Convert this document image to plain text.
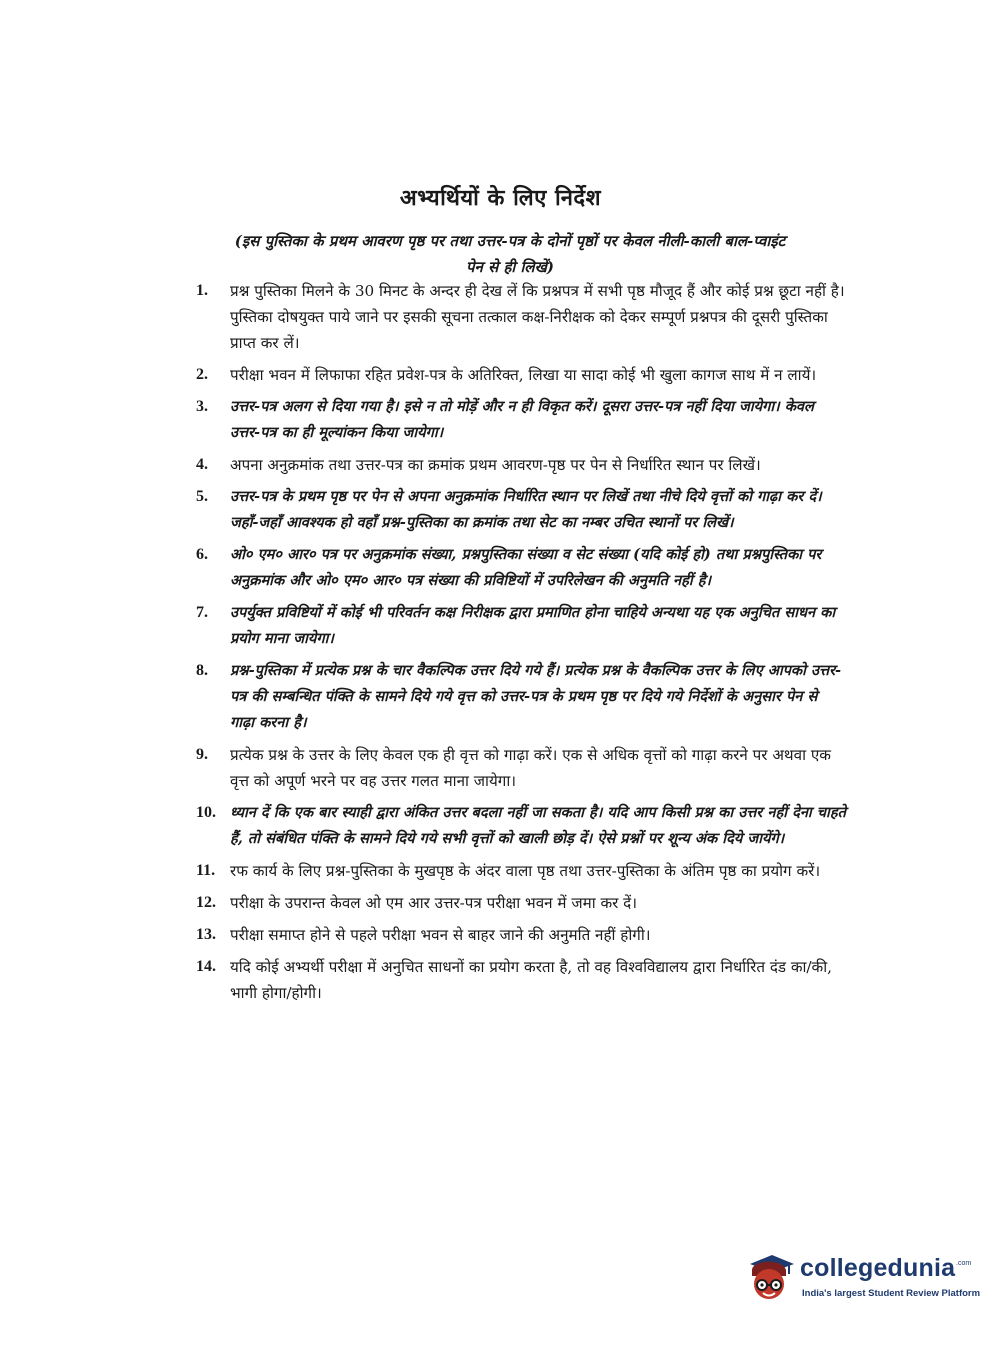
अभ्यर्थियों के लिए निर्देश
(इस पुस्तिका के प्रथम आवरण पृष्ठ पर तथा उत्तर-पत्र के दोनों पृष्ठों पर केवल नीली-काली बाल-प्वाइंट पेन से ही लिखें)
1. प्रश्न पुस्तिका मिलने के 30 मिनट के अन्दर ही देख लें कि प्रश्नपत्र में सभी पृष्ठ मौजूद हैं और कोई प्रश्न छूटा नहीं है। पुस्तिका दोषयुक्त पाये जाने पर इसकी सूचना तत्काल कक्ष-निरीक्षक को देकर सम्पूर्ण प्रश्नपत्र की दूसरी पुस्तिका प्राप्त कर लें।
2. परीक्षा भवन में लिफाफा रहित प्रवेश-पत्र के अतिरिक्त, लिखा या सादा कोई भी खुला कागज साथ में न लायें।
3. उत्तर-पत्र अलग से दिया गया है। इसे न तो मोड़ें और न ही विकृत करें। दूसरा उत्तर-पत्र नहीं दिया जायेगा। केवल उत्तर-पत्र का ही मूल्यांकन किया जायेगा।
4. अपना अनुक्रमांक तथा उत्तर-पत्र का क्रमांक प्रथम आवरण-पृष्ठ पर पेन से निर्धारित स्थान पर लिखें।
5. उत्तर-पत्र के प्रथम पृष्ठ पर पेन से अपना अनुक्रमांक निर्धारित स्थान पर लिखें तथा नीचे दिये वृत्तों को गाढ़ा कर दें। जहाँ-जहाँ आवश्यक हो वहाँ प्रश्न-पुस्तिका का क्रमांक तथा सेट का नम्बर उचित स्थानों पर लिखें।
6. ओ० एम० आर० पत्र पर अनुक्रमांक संख्या, प्रश्नपुस्तिका संख्या व सेट संख्या (यदि कोई हो) तथा प्रश्नपुस्तिका पर अनुक्रमांक और ओ० एम० आर० पत्र संख्या की प्रविष्टियों में उपरिलेखन की अनुमति नहीं है।
7. उपर्युक्त प्रविष्टियों में कोई भी परिवर्तन कक्ष निरीक्षक द्वारा प्रमाणित होना चाहिये अन्यथा यह एक अनुचित साधन का प्रयोग माना जायेगा।
8. प्रश्न-पुस्तिका में प्रत्येक प्रश्न के चार वैकल्पिक उत्तर दिये गये हैं। प्रत्येक प्रश्न के वैकल्पिक उत्तर के लिए आपको उत्तर-पत्र की सम्बन्धित पंक्ति के सामने दिये गये वृत्त को उत्तर-पत्र के प्रथम पृष्ठ पर दिये गये निर्देशों के अनुसार पेन से गाढ़ा करना है।
9. प्रत्येक प्रश्न के उत्तर के लिए केवल एक ही वृत्त को गाढ़ा करें। एक से अधिक वृत्तों को गाढ़ा करने पर अथवा एक वृत्त को अपूर्ण भरने पर वह उत्तर गलत माना जायेगा।
10. ध्यान दें कि एक बार स्याही द्वारा अंकित उत्तर बदला नहीं जा सकता है। यदि आप किसी प्रश्न का उत्तर नहीं देना चाहते हैं, तो संबंधित पंक्ति के सामने दिये गये सभी वृत्तों को खाली छोड़ दें। ऐसे प्रश्नों पर शून्य अंक दिये जायेंगे।
11. रफ कार्य के लिए प्रश्न-पुस्तिका के मुखपृष्ठ के अंदर वाला पृष्ठ तथा उत्तर-पुस्तिका के अंतिम पृष्ठ का प्रयोग करें।
12. परीक्षा के उपरान्त केवल ओ एम आर उत्तर-पत्र परीक्षा भवन में जमा कर दें।
13. परीक्षा समाप्त होने से पहले परीक्षा भवन से बाहर जाने की अनुमति नहीं होगी।
14. यदि कोई अभ्यर्थी परीक्षा में अनुचित साधनों का प्रयोग करता है, तो वह विश्वविद्यालय द्वारा निर्धारित दंड का/की, भागी होगा/होगी।
collegedunia .com
India's largest Student Review Platform
